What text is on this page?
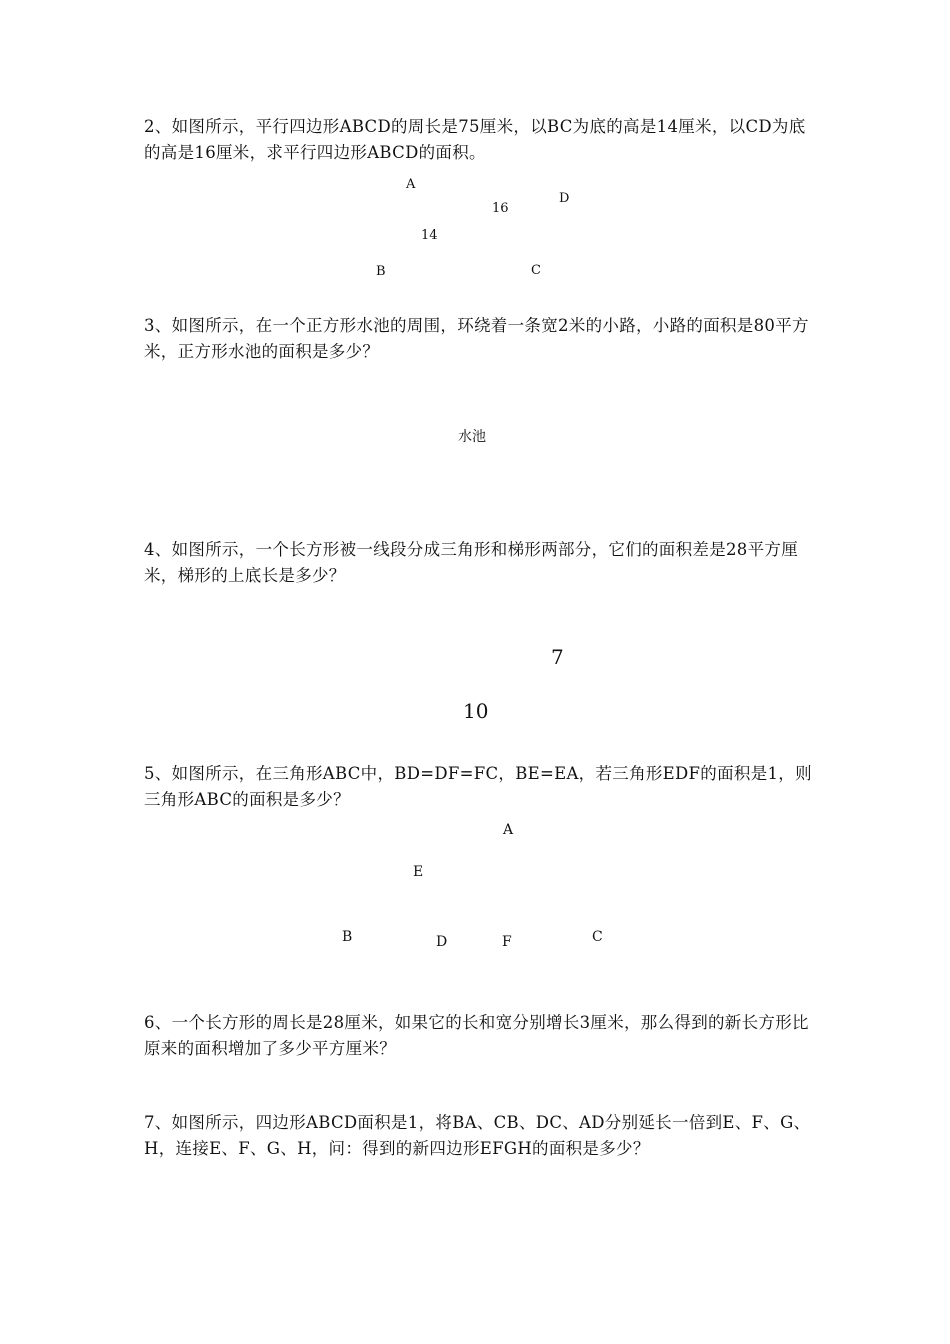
2、如图所示，平行四边形ABCD的周长是75厘米，以BC为底的高是14厘米，以CD为底的高是16厘米，求平行四边形ABCD的面积。

A
16
D
14
B	C

3、如图所示，在一个正方形水池的周围，环绕着一条宽2米的小路，小路的面积是80平方米，正方形水池的面积是多少？

水池

4、如图所示，一个长方形被一线段分成三角形和梯形两部分，它们的面积差是28平方厘米，梯形的上底长是多少？

7
10

5、如图所示，在三角形ABC中，BD=DF=FC，BE=EA，若三角形EDF的面积是1，则三角形ABC的面积是多少？

A
E
B	D	F	C

6、一个长方形的周长是28厘米，如果它的长和宽分别增长3厘米，那么得到的新长方形比原来的面积增加了多少平方厘米？

7、如图所示，四边形ABCD面积是1，将BA、CB、DC、AD分别延长一倍到E、F、G、H，连接E、F、G、H，问：得到的新四边形EFGH的面积是多少？
